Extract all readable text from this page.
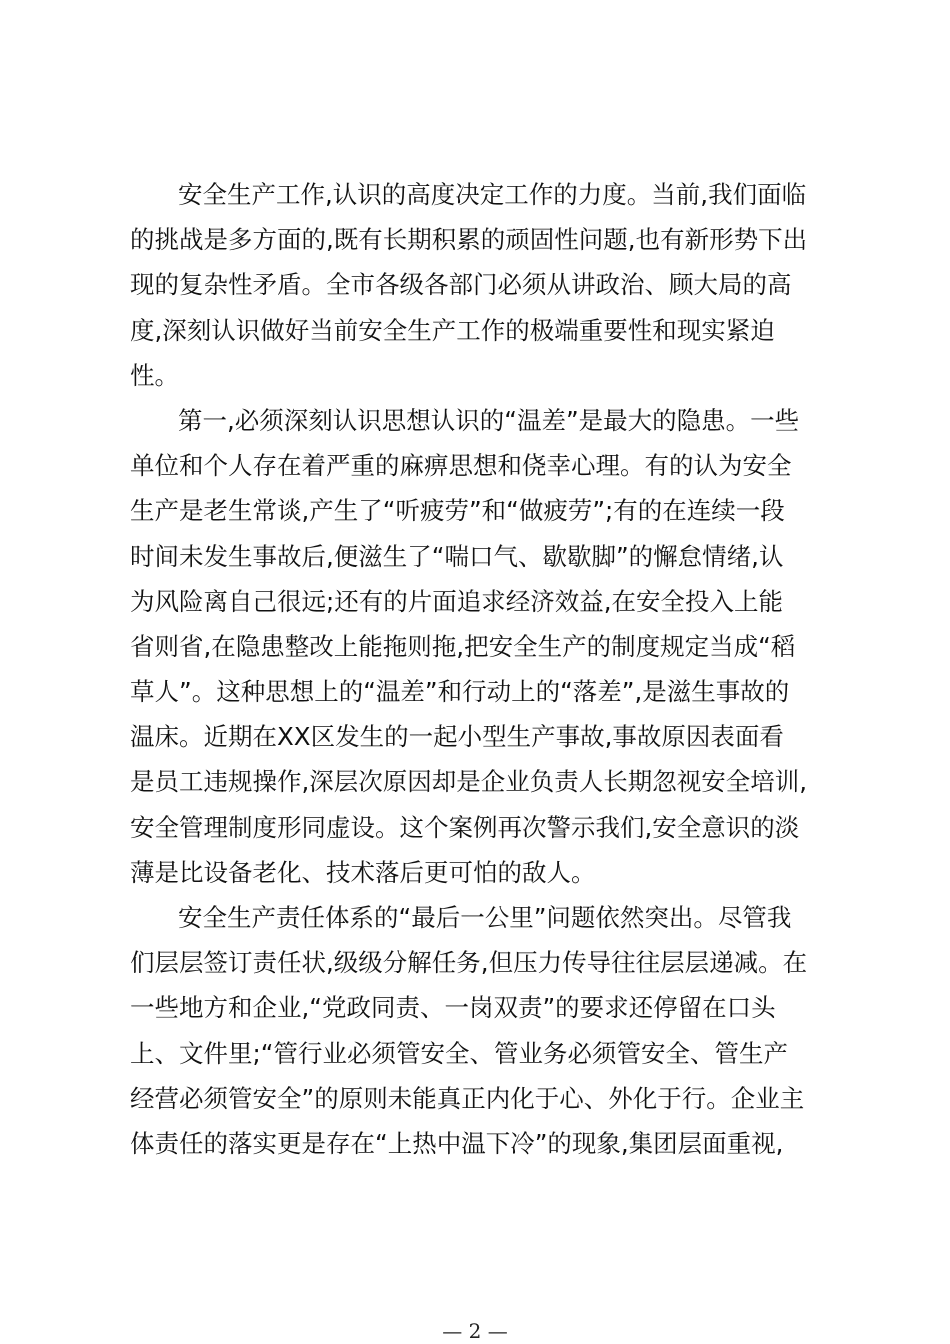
安全生产工作,认识的高度决定工作的力度。当前,我们面临
的挑战是多方面的,既有长期积累的顽固性问题,也有新形势下出
现的复杂性矛盾。全市各级各部门必须从讲政治、顾大局的高
度,深刻认识做好当前安全生产工作的极端重要性和现实紧迫
性。
第一,必须深刻认识思想认识的“温差”是最大的隐患。一些
单位和个人存在着严重的麻痹思想和侥幸心理。有的认为安全
生产是老生常谈,产生了“听疲劳”和“做疲劳”;有的在连续一段
时间未发生事故后,便滋生了“喘口气、歇歇脚”的懈怠情绪,认
为风险离自己很远;还有的片面追求经济效益,在安全投入上能
省则省,在隐患整改上能拖则拖,把安全生产的制度规定当成“稻
草人”。这种思想上的“温差”和行动上的“落差”,是滋生事故的
温床。近期在XX区发生的一起小型生产事故,事故原因表面看
是员工违规操作,深层次原因却是企业负责人长期忽视安全培训,
安全管理制度形同虚设。这个案例再次警示我们,安全意识的淡
薄是比设备老化、技术落后更可怕的敌人。
安全生产责任体系的“最后一公里”问题依然突出。尽管我
们层层签订责任状,级级分解任务,但压力传导往往层层递减。在
一些地方和企业,“党政同责、一岗双责”的要求还停留在口头
上、文件里;“管行业必须管安全、管业务必须管安全、管生产
经营必须管安全”的原则未能真正内化于心、外化于行。企业主
体责任的落实更是存在“上热中温下冷”的现象,集团层面重视,
— 2 —
